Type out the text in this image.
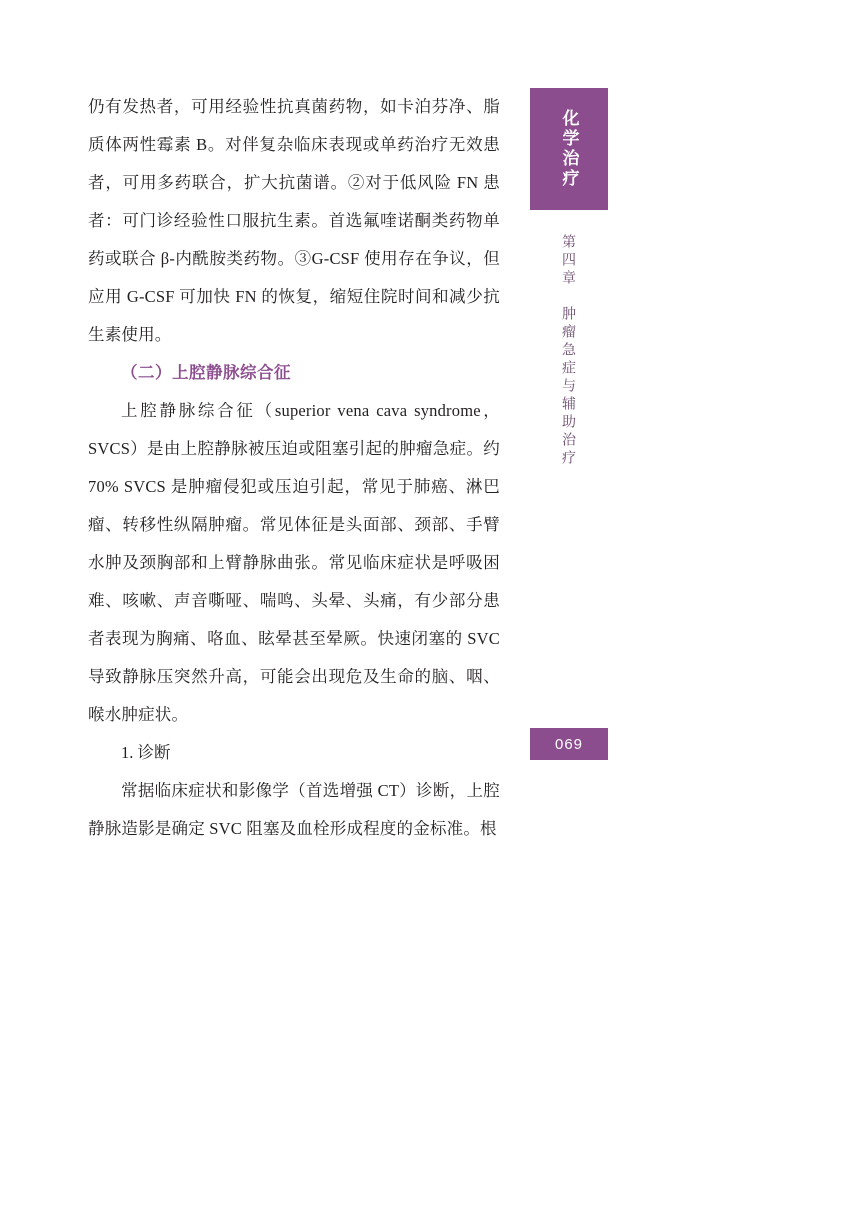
仍有发热者，可用经验性抗真菌药物，如卡泊芬净、脂质体两性霉素 B。对伴复杂临床表现或单药治疗无效患者，可用多药联合，扩大抗菌谱。②对于低风险 FN 患者：可门诊经验性口服抗生素。首选氟喹诺酮类药物单药或联合 β-内酰胺类药物。③G-CSF 使用存在争议，但应用 G-CSF 可加快 FN 的恢复，缩短住院时间和减少抗生素使用。

（二）上腔静脉综合征

上腔静脉综合征（superior vena cava syndrome，SVCS）是由上腔静脉被压迫或阻塞引起的肿瘤急症。约 70% SVCS 是肿瘤侵犯或压迫引起，常见于肺癌、淋巴瘤、转移性纵隔肿瘤。常见体征是头面部、颈部、手臂水肿及颈胸部和上臂静脉曲张。常见临床症状是呼吸困难、咳嗽、声音嘶哑、喘鸣、头晕、头痛，有少部分患者表现为胸痛、咯血、眩晕甚至晕厥。快速闭塞的 SVC 导致静脉压突然升高，可能会出现危及生命的脑、咽、喉水肿症状。

1. 诊断

常据临床症状和影像学（首选增强 CT）诊断，上腔静脉造影是确定 SVC 阻塞及血栓形成程度的金标准。根

化学治疗
第四章　肿瘤急症与辅助治疗
069
